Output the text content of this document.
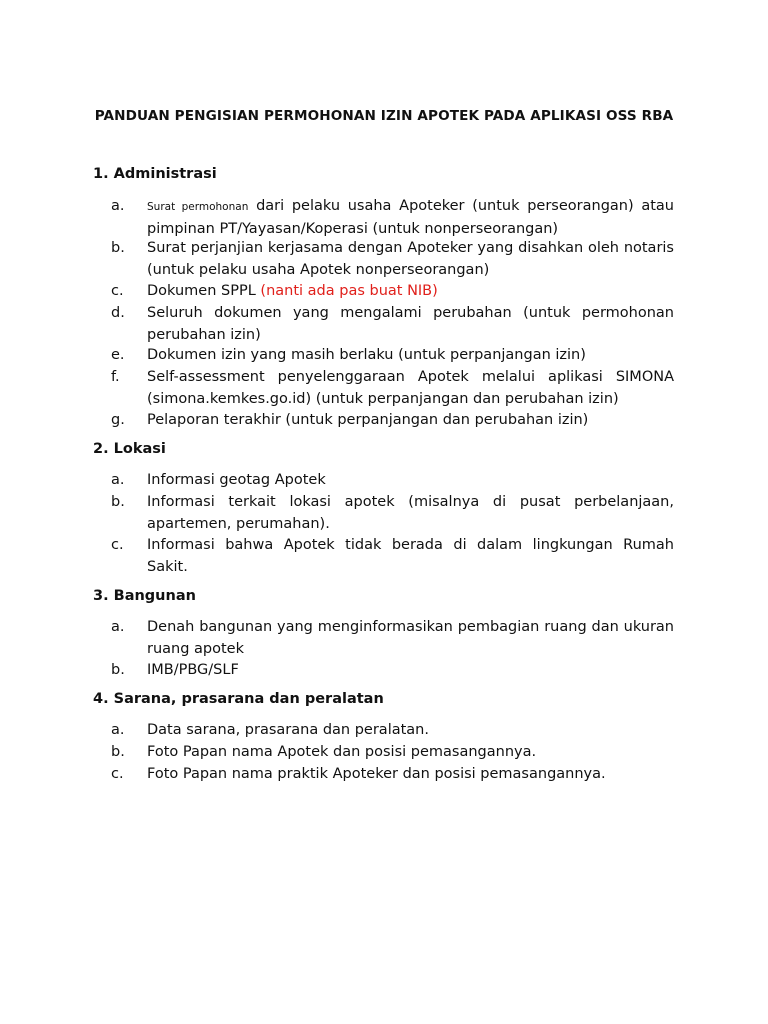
PANDUAN PENGISIAN PERMOHONAN IZIN APOTEK PADA APLIKASI OSS RBA
1. Administrasi
a. Surat permohonan dari pelaku usaha Apoteker (untuk perseorangan) atau
pimpinan PT/Yayasan/Koperasi (untuk nonperseorangan)
b. Surat perjanjian kerjasama dengan Apoteker yang disahkan oleh notaris
(untuk pelaku usaha Apotek nonperseorangan)
c. Dokumen SPPL (nanti ada pas buat NIB)
d. Seluruh dokumen yang mengalami perubahan (untuk permohonan
perubahan izin)
e. Dokumen izin yang masih berlaku (untuk perpanjangan izin)
f. Self-assessment penyelenggaraan Apotek melalui aplikasi SIMONA
(simona.kemkes.go.id) (untuk perpanjangan dan perubahan izin)
g. Pelaporan terakhir (untuk perpanjangan dan perubahan izin)
2. Lokasi
a. Informasi geotag Apotek
b. Informasi terkait lokasi apotek (misalnya di pusat perbelanjaan,
apartemen, perumahan).
c. Informasi bahwa Apotek tidak berada di dalam lingkungan Rumah
Sakit.
3. Bangunan
a. Denah bangunan yang menginformasikan pembagian ruang dan ukuran
ruang apotek
b. IMB/PBG/SLF
4. Sarana, prasarana dan peralatan
a. Data sarana, prasarana dan peralatan.
b. Foto Papan nama Apotek dan posisi pemasangannya.
c. Foto Papan nama praktik Apoteker dan posisi pemasangannya.
